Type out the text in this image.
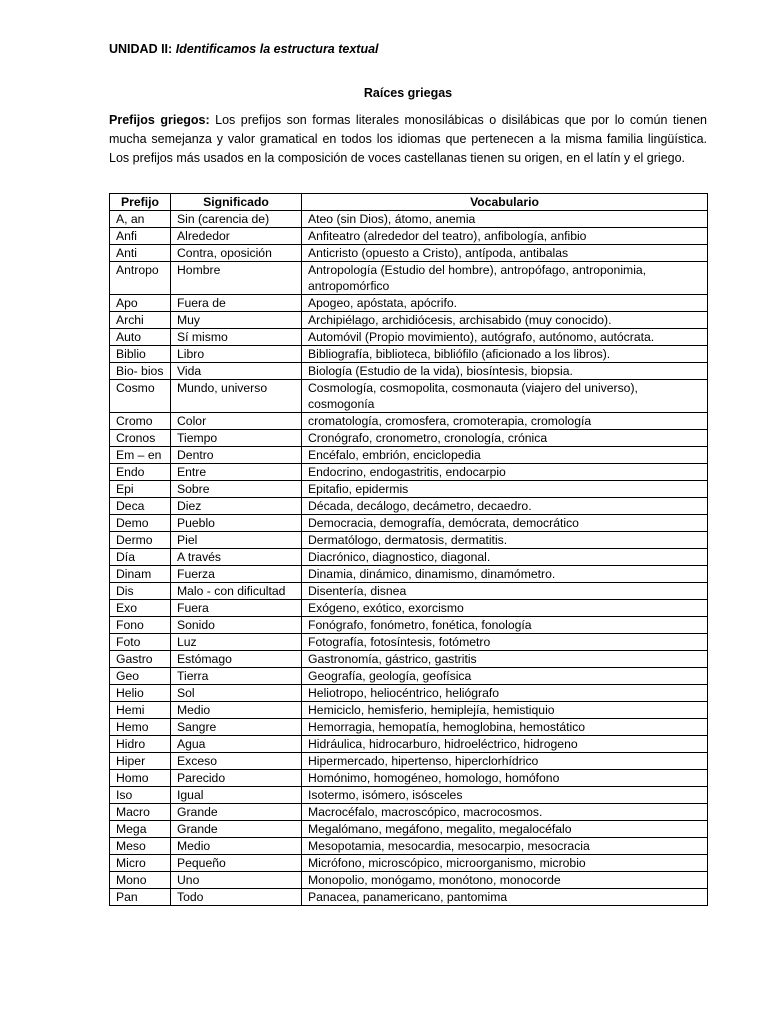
UNIDAD II: Identificamos la estructura textual
Raíces griegas

Prefijos griegos: Los prefijos son formas literales monosilábicas o disilábicas que por lo común tienen mucha semejanza y valor gramatical en todos los idiomas que pertenecen a la misma familia lingüística. Los prefijos más usados en la composición de voces castellanas tienen su origen, en el latín y el griego.

Prefijo	Significado	Vocabulario
A, an	Sin (carencia de)	Ateo (sin Dios), átomo, anemia
Anfi	Alrededor	Anfiteatro (alrededor del teatro), anfibología, anfibio
Anti	Contra, oposición	Anticristo (opuesto a Cristo), antípoda, antibalas
Antropo	Hombre	Antropología (Estudio del hombre), antropófago, antroponimia, antropomórfico
Apo	Fuera de	Apogeo, apóstata, apócrifo.
Archi	Muy	Archipiélago, archidiócesis, archisabido (muy conocido).
Auto	Sí mismo	Automóvil (Propio movimiento), autógrafo, autónomo, autócrata.
Biblio	Libro	Bibliografía, biblioteca, bibliófilo (aficionado a los libros).
Bio- bios	Vida	Biología (Estudio de la vida), biosíntesis, biopsia.
Cosmo	Mundo, universo	Cosmología, cosmopolita, cosmonauta (viajero del universo), cosmogonía
Cromo	Color	cromatología, cromosfera, cromoterapia, cromología
Cronos	Tiempo	Cronógrafo, cronometro, cronología, crónica
Em – en	Dentro	Encéfalo, embrión, enciclopedia
Endo	Entre	Endocrino, endogastritis, endocarpio
Epi	Sobre	Epitafio, epidermis
Deca	Diez	Década, decálogo, decámetro, decaedro.
Demo	Pueblo	Democracia, demografía, demócrata, democrático
Dermo	Piel	Dermatólogo, dermatosis, dermatitis.
Día	A través	Diacrónico, diagnostico, diagonal.
Dinam	Fuerza	Dinamia, dinámico, dinamismo, dinamómetro.
Dis	Malo - con dificultad	Disentería, disnea
Exo	Fuera	Exógeno, exótico, exorcismo
Fono	Sonido	Fonógrafo, fonómetro, fonética, fonología
Foto	Luz	Fotografía, fotosíntesis, fotómetro
Gastro	Estómago	Gastronomía, gástrico, gastritis
Geo	Tierra	Geografía, geología, geofísica
Helio	Sol	Heliotropo, heliocéntrico, heliógrafo
Hemi	Medio	Hemiciclo, hemisferio, hemiplejía, hemistiquio
Hemo	Sangre	Hemorragia, hemopatía, hemoglobina, hemostático
Hidro	Agua	Hidráulica, hidrocarburo, hidroeléctrico, hidrogeno
Hiper	Exceso	Hipermercado, hipertenso, hiperclorhídrico
Homo	Parecido	Homónimo, homogéneo, homologo, homófono
Iso	Igual	Isotermo, isómero, isósceles
Macro	Grande	Macrocéfalo, macroscópico, macrocosmos.
Mega	Grande	Megalómano, megáfono, megalito, megalocéfalo
Meso	Medio	Mesopotamia, mesocardia, mesocarpio, mesocracia
Micro	Pequeño	Micrófono, microscópico, microorganismo, microbio
Mono	Uno	Monopolio, monógamo, monótono, monocorde
Pan	Todo	Panacea, panamericano, pantomima
